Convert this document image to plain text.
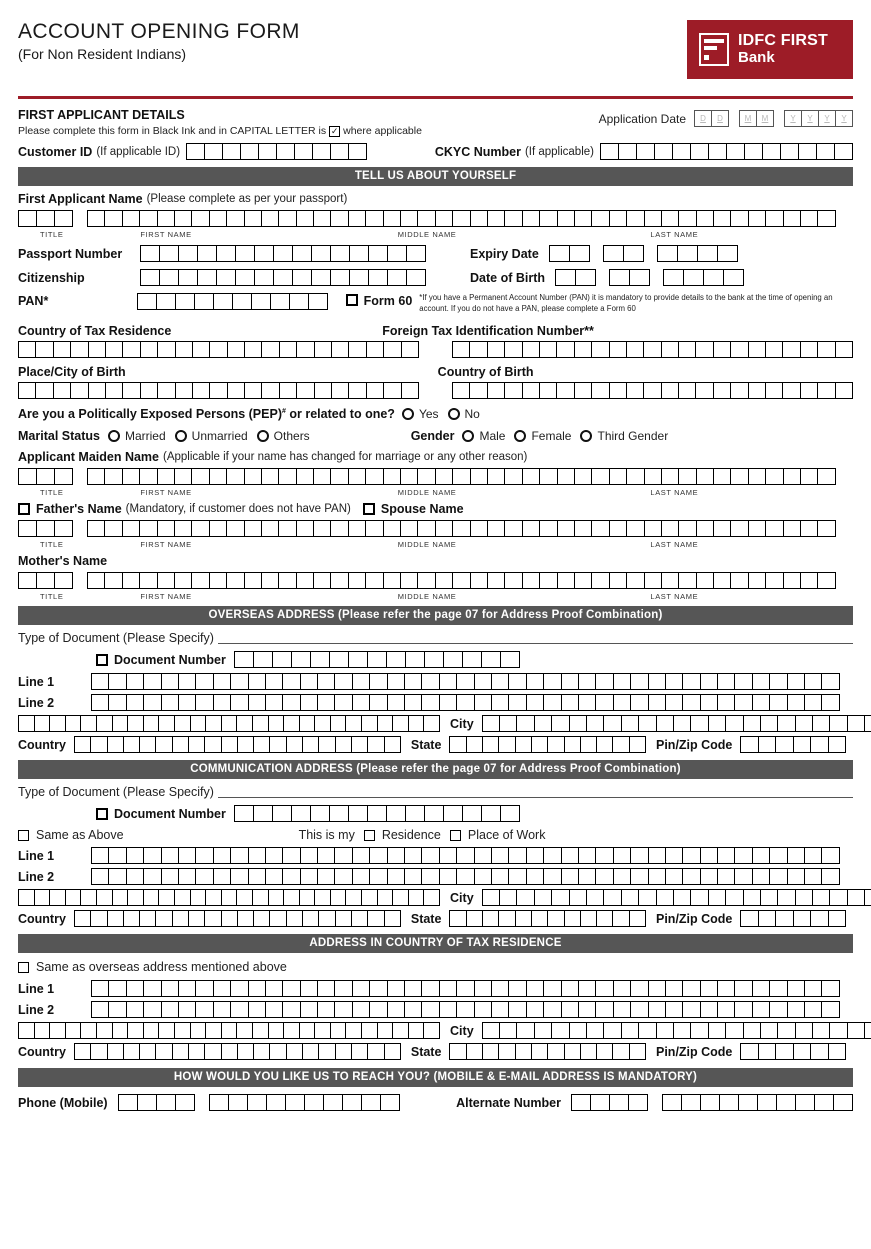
ACCOUNT OPENING FORM
(For Non Resident Indians)
IDFC FIRST
Bank
FIRST APPLICANT DETAILS
Please complete this form in Black Ink and in CAPITAL LETTER is ✓ where applicable
Application Date	D	D	M	M	Y	Y	Y	Y
Customer ID (If applicable ID)	CKYC Number (If applicable)
TELL US ABOUT YOURSELF
First Applicant Name (Please complete as per your passport)
TITLE	FIRST NAME	MIDDLE NAME	LAST NAME
Passport Number	Expiry Date
Citizenship	Date of Birth
PAN*	Form 60 *If you have a Permanent Account Number (PAN) it is mandatory to provide details to the bank at the time of opening an account. If you do not have a PAN, please complete a Form 60
Country of Tax Residence	Foreign Tax Identification Number**
Place/City of Birth	Country of Birth
Are you a Politically Exposed Persons (PEP)# or related to one? Yes No
Marital Status Married Unmarried Others	Gender Male Female Third Gender
Applicant Maiden Name (Applicable if your name has changed for marriage or any other reason)
TITLE	FIRST NAME	MIDDLE NAME	LAST NAME
Father's Name (Mandatory, if customer does not have PAN) Spouse Name
TITLE	FIRST NAME	MIDDLE NAME	LAST NAME
Mother's Name
TITLE	FIRST NAME	MIDDLE NAME	LAST NAME
OVERSEAS ADDRESS (Please refer the page 07 for Address Proof Combination)
Type of Document (Please Specify)
Document Number
Line 1
Line 2
City
Country	State	Pin/Zip Code
COMMUNICATION ADDRESS (Please refer the page 07 for Address Proof Combination)
Type of Document (Please Specify)
Document Number
Same as Above	This is my Residence Place of Work
Line 1
Line 2
City
Country	State	Pin/Zip Code
ADDRESS IN COUNTRY OF TAX RESIDENCE
Same as overseas address mentioned above
Line 1
Line 2
City
Country	State	Pin/Zip Code
HOW WOULD YOU LIKE US TO REACH YOU? (MOBILE & E-MAIL ADDRESS IS MANDATORY)
Phone (Mobile)	Alternate Number
